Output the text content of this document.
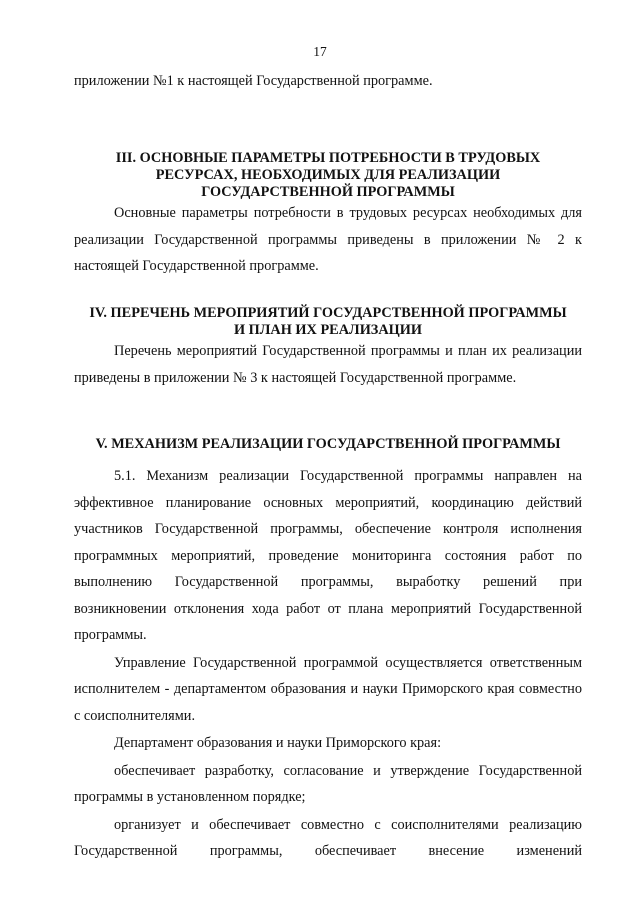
17

приложении №1 к настоящей Государственной программе.

III. ОСНОВНЫЕ ПАРАМЕТРЫ ПОТРЕБНОСТИ В ТРУДОВЫХ
РЕСУРСАХ, НЕОБХОДИМЫХ ДЛЯ РЕАЛИЗАЦИИ
ГОСУДАРСТВЕННОЙ ПРОГРАММЫ

Основные параметры потребности в трудовых ресурсах необходимых для реализации Государственной программы приведены в приложении № 2 к настоящей Государственной программе.

IV. ПЕРЕЧЕНЬ МЕРОПРИЯТИЙ ГОСУДАРСТВЕННОЙ ПРОГРАММЫ
И ПЛАН ИХ РЕАЛИЗАЦИИ

Перечень мероприятий Государственной программы и план их реализации приведены в приложении № 3 к настоящей Государственной программе.

V. МЕХАНИЗМ РЕАЛИЗАЦИИ ГОСУДАРСТВЕННОЙ ПРОГРАММЫ

5.1. Механизм реализации Государственной программы направлен на эффективное планирование основных мероприятий, координацию действий участников Государственной программы, обеспечение контроля исполнения программных мероприятий, проведение мониторинга состояния работ по выполнению Государственной программы, выработку решений при возникновении отклонения хода работ от плана мероприятий Государственной программы.

Управление Государственной программой осуществляется ответственным исполнителем - департаментом образования и науки Приморского края совместно с соисполнителями.

Департамент образования и науки Приморского края:

обеспечивает разработку, согласование и утверждение Государственной программы в установленном порядке;

организует и обеспечивает совместно с соисполнителями реализацию Государственной программы, обеспечивает внесение изменений
